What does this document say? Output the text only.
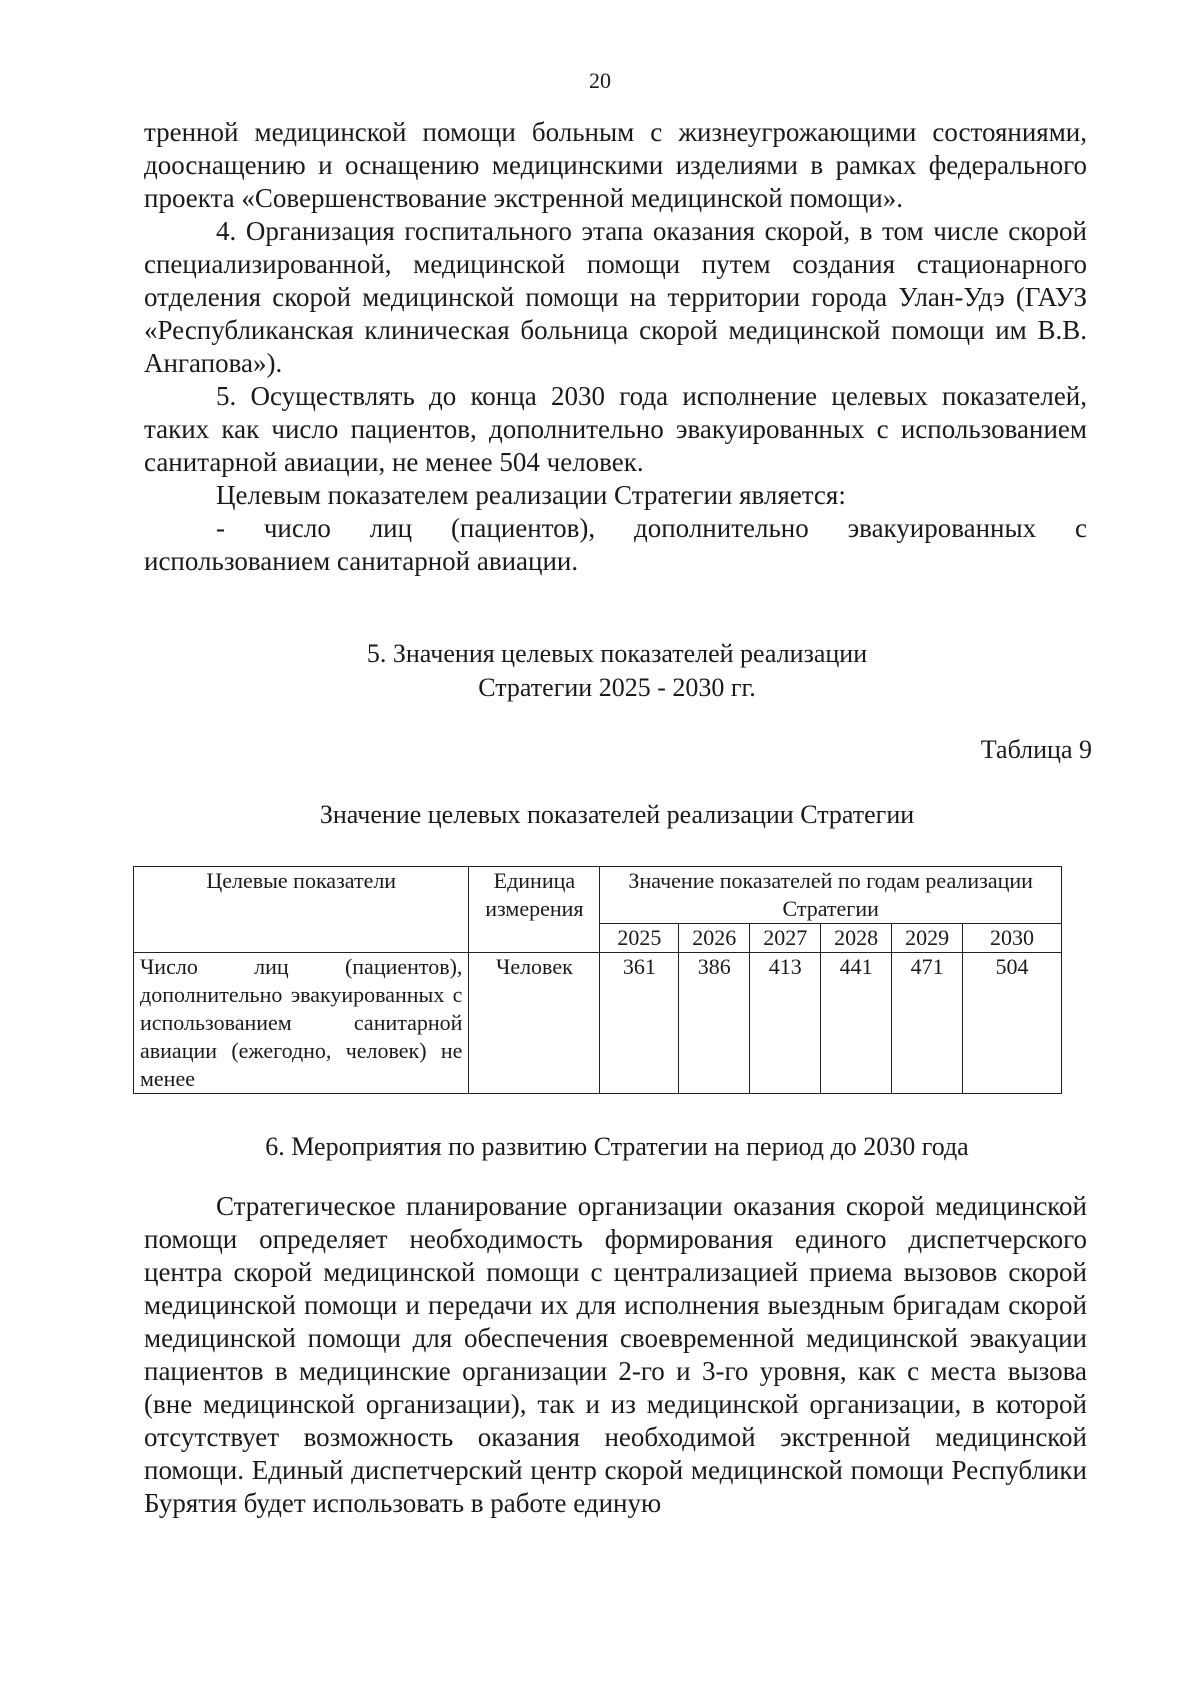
20

тренной медицинской помощи больным с жизнеугрожающими состояниями, дооснащению и оснащению медицинскими изделиями в рамках федерального проекта «Совершенствование экстренной медицинской помощи».

4. Организация госпитального этапа оказания скорой, в том числе скорой специализированной, медицинской помощи путем создания стационарного отделения скорой медицинской помощи на территории города Улан-Удэ (ГАУЗ «Республиканская клиническая больница скорой медицинской помощи им В.В. Ангапова»).

5. Осуществлять до конца 2030 года исполнение целевых показателей, таких как число пациентов, дополнительно эвакуированных с использованием санитарной авиации, не менее 504 человек.

Целевым показателем реализации Стратегии является:

- число лиц (пациентов), дополнительно эвакуированных с использованием санитарной авиации.

5. Значения целевых показателей реализации
Стратегии 2025 - 2030 гг.
Таблица 9
Значение целевых показателей реализации Стратегии
Целевые показатели	Единица измерения	Значение показателей по годам реализации Стратегии					
		2025	2026	2027	2028	2029	2030
Число лиц (пациентов), дополнительно эвакуированных с использованием санитарной авиации (ежегодно, человек) не менее	Человек	361	386	413	441	471	504
6. Мероприятия по развитию Стратегии на период до 2030 года

Стратегическое планирование организации оказания скорой медицинской помощи определяет необходимость формирования единого диспетчерского центра скорой медицинской помощи с централизацией приема вызовов скорой медицинской помощи и передачи их для исполнения выездным бригадам скорой медицинской помощи для обеспечения своевременной медицинской эвакуации пациентов в медицинские организации 2-го и 3-го уровня, как с места вызова (вне медицинской организации), так и из медицинской организации, в которой отсутствует возможность оказания необходимой экстренной медицинской помощи. Единый диспетчерский центр скорой медицинской помощи Республики Бурятия будет использовать в работе единую
